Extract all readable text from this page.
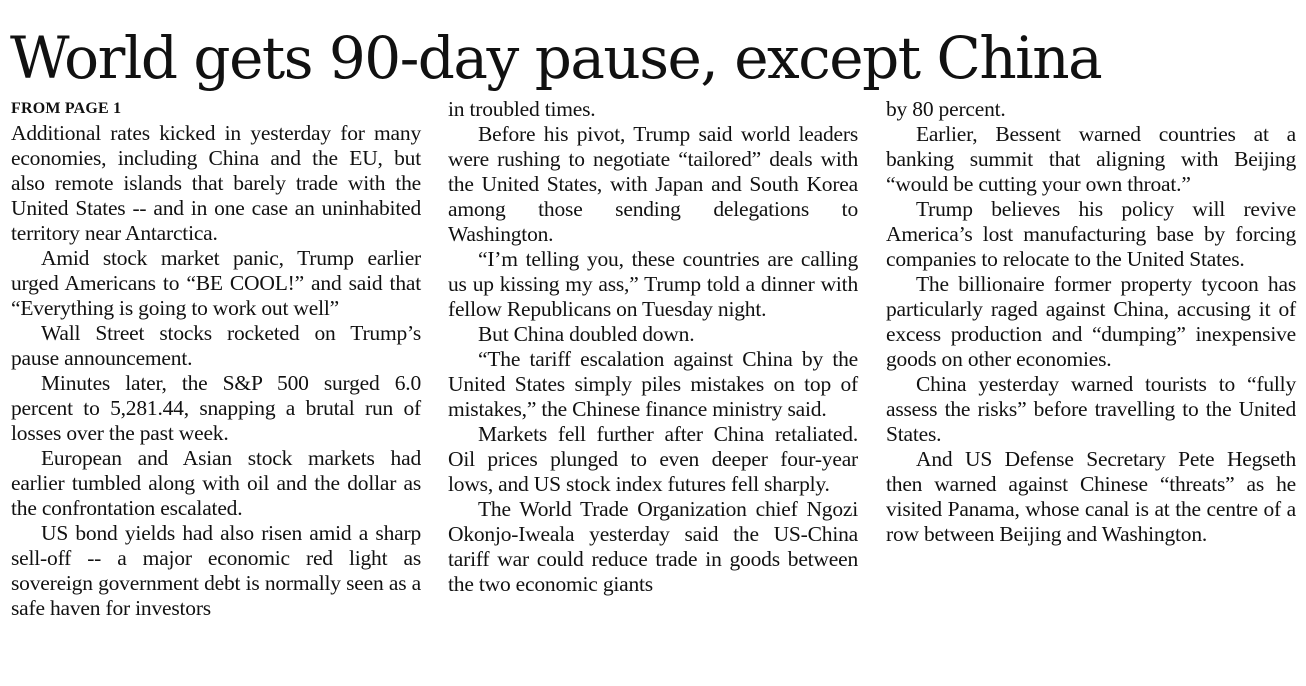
World gets 90-day pause, except China
FROM PAGE 1

Additional rates kicked in yesterday for many economies, including China and the EU, but also remote islands that barely trade with the United States -- and in one case an uninhabited territory near Antarctica.

Amid stock market panic, Trump earlier urged Americans to “BE COOL!” and said that “Everything is going to work out well”

Wall Street stocks rocketed on Trump’s pause announcement.

Minutes later, the S&P 500 surged 6.0 percent to 5,281.44, snapping a brutal run of losses over the past week.

European and Asian stock markets had earlier tumbled along with oil and the dollar as the confrontation escalated.

US bond yields had also risen amid a sharp sell-off -- a major economic red light as sovereign government debt is normally seen as a safe haven for investors

in troubled times.

Before his pivot, Trump said world leaders were rushing to negotiate “tailored” deals with the United States, with Japan and South Korea among those sending delegations to Washington.

“I’m telling you, these countries are calling us up kissing my ass,” Trump told a dinner with fellow Republicans on Tuesday night.

But China doubled down.

“The tariff escalation against China by the United States simply piles mistakes on top of mistakes,” the Chinese finance ministry said.

Markets fell further after China retaliated. Oil prices plunged to even deeper four-year lows, and US stock index futures fell sharply.

The World Trade Organization chief Ngozi Okonjo-Iweala yesterday said the US-China tariff war could reduce trade in goods between the two economic giants

by 80 percent.

Earlier, Bessent warned countries at a banking summit that aligning with Beijing “would be cutting your own throat.”

Trump believes his policy will revive America’s lost manufacturing base by forcing companies to relocate to the United States.

The billionaire former property tycoon has particularly raged against China, accusing it of excess production and “dumping” inexpensive goods on other economies.

China yesterday warned tourists to “fully assess the risks” before travelling to the United States.

And US Defense Secretary Pete Hegseth then warned against Chinese “threats” as he visited Panama, whose canal is at the centre of a row between Beijing and Washington.
